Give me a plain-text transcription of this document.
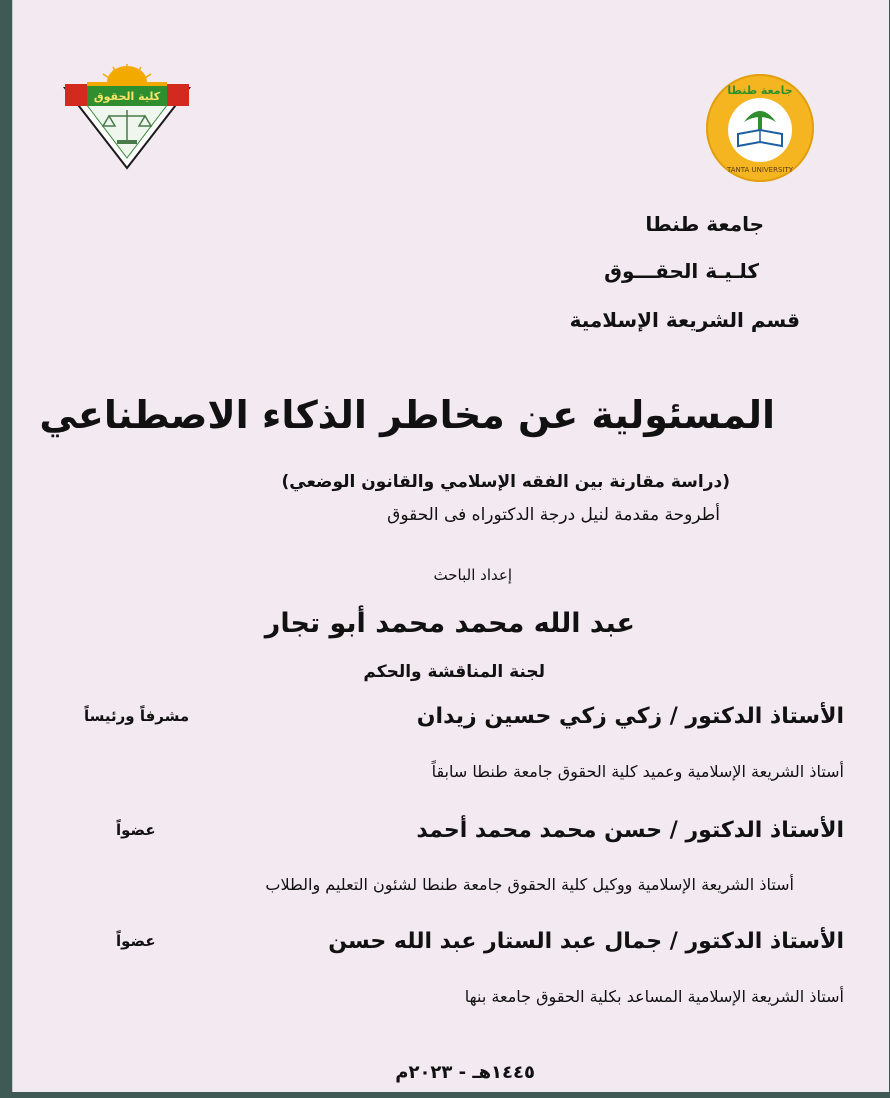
كلية الحقوق	جامعة طنطا
TANTA UNIVERSITY
جامعة طنطا
كلـيـة الحقـــوق
قسم الشريعة الإسلامية
المسئولية عن مخاطر الذكاء الاصطناعي
(دراسة مقارنة بين الفقه الإسلامي والقانون الوضعي)
أطروحة مقدمة لنيل درجة الدكتوراه فى الحقوق
إعداد الباحث
عبد الله محمد محمد أبو تجار
لجنة المناقشة والحكم
الأستاذ الدكتور / زكي زكي حسين زيدان
مشرفاً ورئيساً
أستاذ الشريعة الإسلامية وعميد كلية الحقوق جامعة طنطا سابقاً
الأستاذ الدكتور / حسن محمد محمد أحمد
عضواً
أستاذ الشريعة الإسلامية ووكيل كلية الحقوق جامعة طنطا لشئون التعليم والطلاب
الأستاذ الدكتور / جمال عبد الستار عبد الله حسن
عضواً
أستاذ الشريعة الإسلامية المساعد بكلية الحقوق جامعة بنها
١٤٤٥هـ - ٢٠٢٣م
